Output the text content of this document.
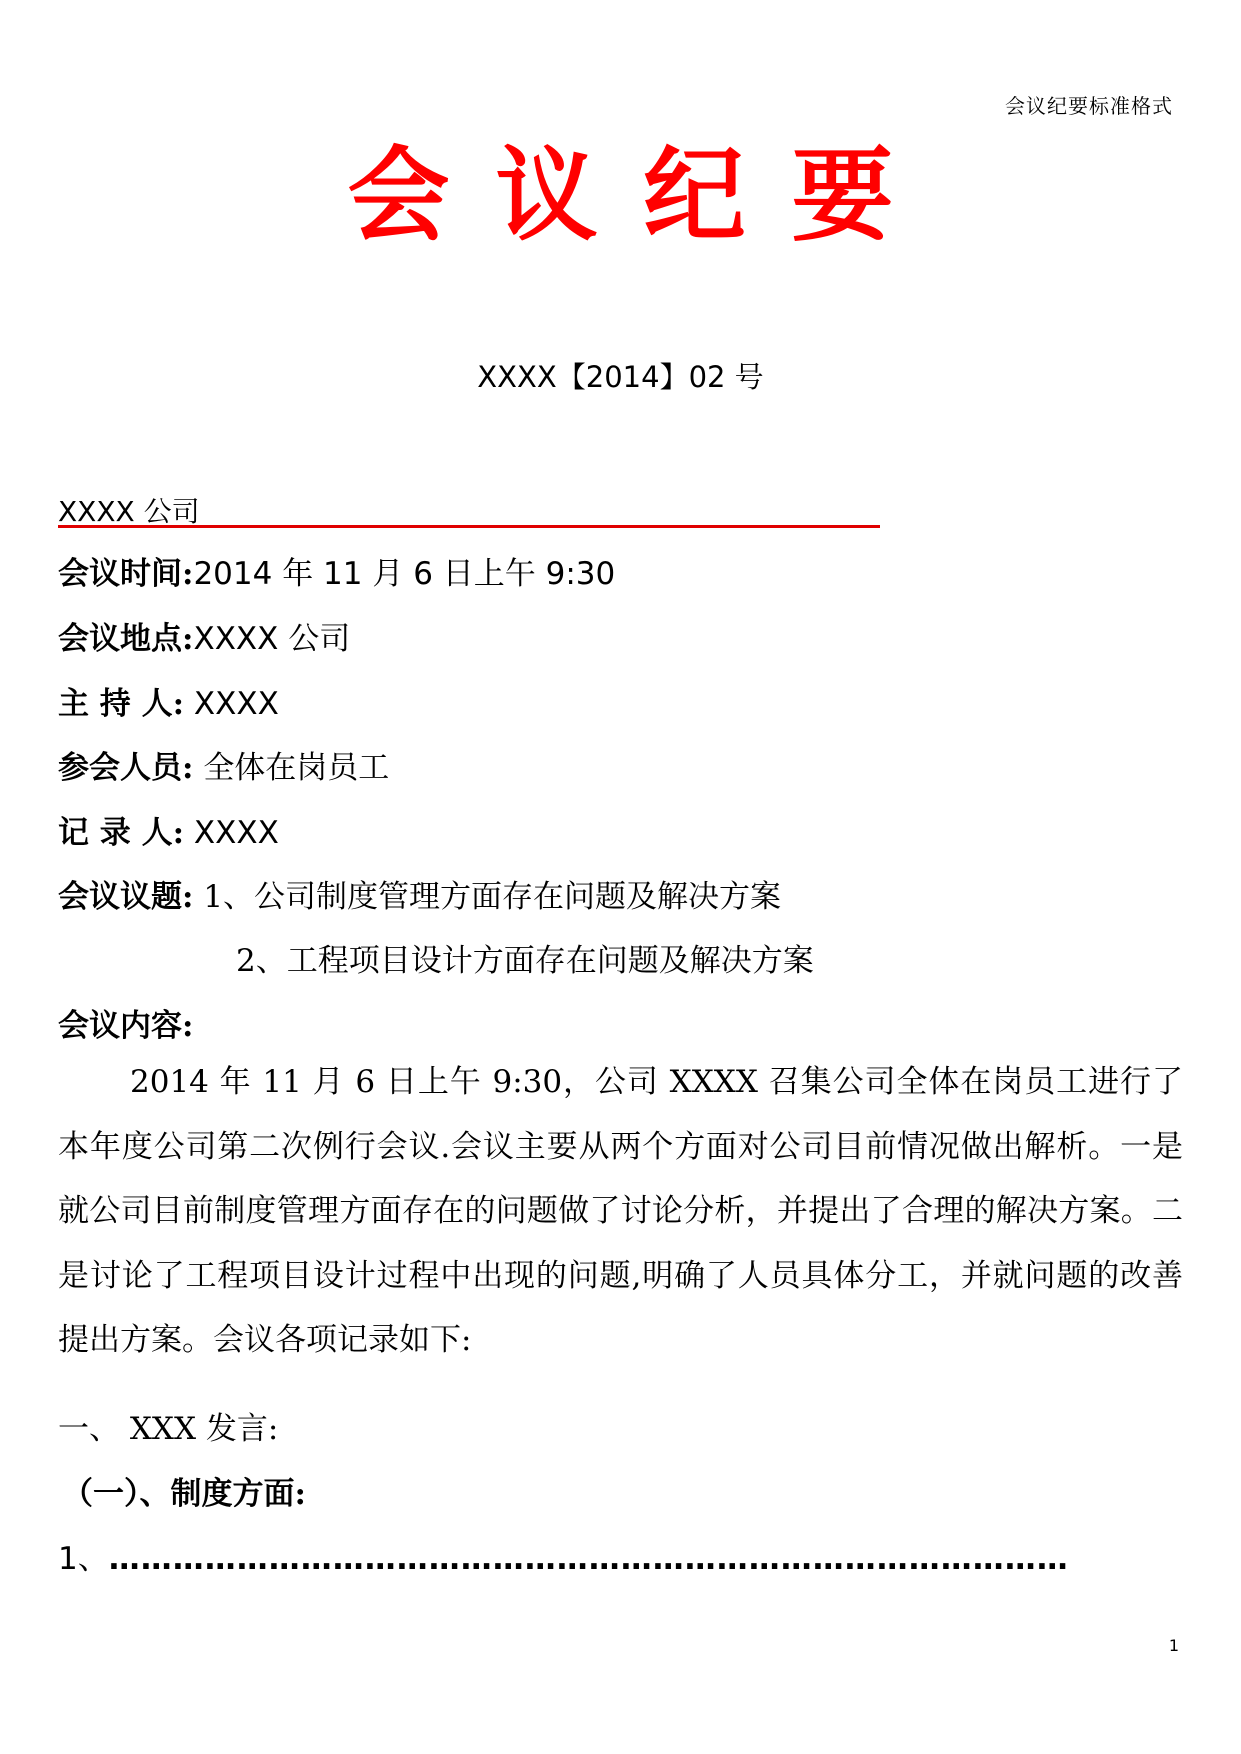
会议纪要标准格式
会议纪要
XXXX【2014】02 号
XXXX 公司
会议时间:2014 年 11 月 6 日上午 9:30
会议地点:XXXX 公司
主 持 人: XXXX
参会人员: 全体在岗员工
记 录 人: XXXX
会议议题: 1、公司制度管理方面存在问题及解决方案
2、工程项目设计方面存在问题及解决方案
会议内容:
2014 年 11 月 6 日上午 9:30，公司 XXXX 召集公司全体在岗员工进行了本年度公司第二次例行会议.会议主要从两个方面对公司目前情况做出解析。一是就公司目前制度管理方面存在的问题做了讨论分析，并提出了合理的解决方案。二是讨论了工程项目设计过程中出现的问题,明确了人员具体分工，并就问题的改善提出方案。会议各项记录如下:
一、 XXX 发言:
（一）、制度方面:
1、………………………………………………………………………………
1
